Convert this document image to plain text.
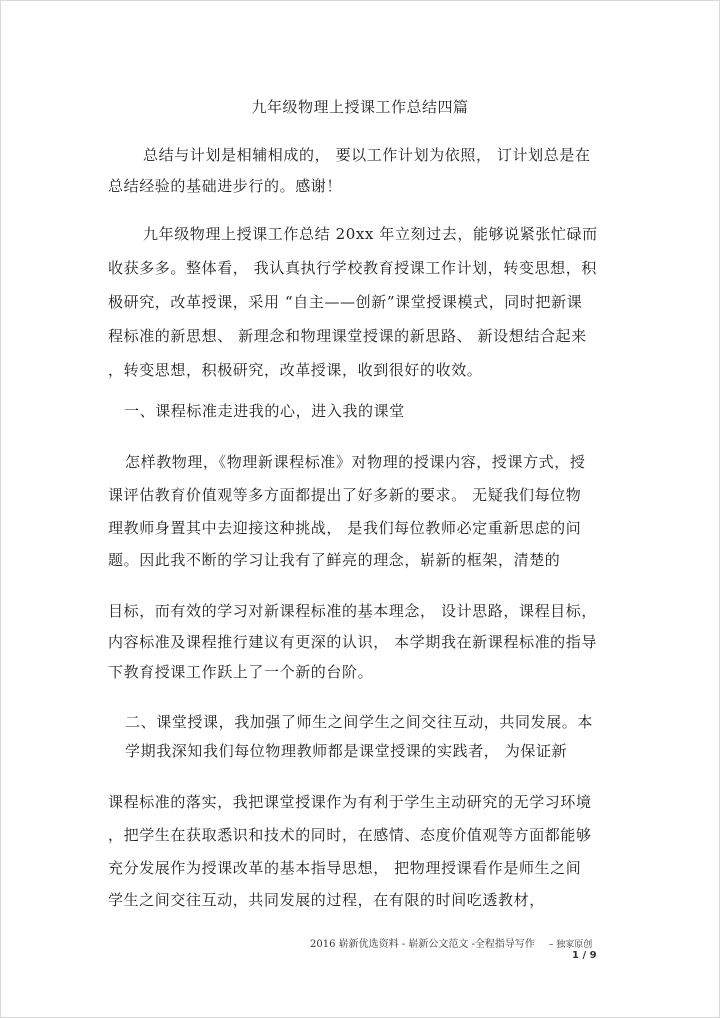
九年级物理上授课工作总结四篇
总结与计划是相辅相成的， 要以工作计划为依照， 订计划总是在
总结经验的基础进步行的。感谢！
九年级物理上授课工作总结 20xx 年立刻过去，能够说紧张忙碌而
收获多多。整体看， 我认真执行学校教育授课工作计划，转变思想，积
极研究，改革授课，采用 “自主——创新”课堂授课模式，同时把新课
程标准的新思想、 新理念和物理课堂授课的新思路、 新设想结合起来
，转变思想，积极研究，改革授课，收到很好的收效。
一、课程标准走进我的心，进入我的课堂
怎样教物理，《物理新课程标准》对物理的授课内容，授课方式，授
课评估教育价值观等多方面都提出了好多新的要求。 无疑我们每位物
理教师身置其中去迎接这种挑战， 是我们每位教师必定重新思虑的问
题。因此我不断的学习让我有了鲜亮的理念，崭新的框架，清楚的
目标，而有效的学习对新课程标准的基本理念， 设计思路，课程目标，
内容标准及课程推行建议有更深的认识， 本学期我在新课程标准的指导
下教育授课工作跃上了一个新的台阶。
二、课堂授课，我加强了师生之间学生之间交往互动，共同发展。本
学期我深知我们每位物理教师都是课堂授课的实践者， 为保证新
课程标准的落实，我把课堂授课作为有利于学生主动研究的无学习环境
，把学生在获取悉识和技术的同时，在感情、态度价值观等方面都能够
充分发展作为授课改革的基本指导思想， 把物理授课看作是师生之间
学生之间交往互动，共同发展的过程，在有限的时间吃透教材，
2016 崭新优选资料 - 崭新公文范文 -全程指导写作 – 独家原创
1 / 9
